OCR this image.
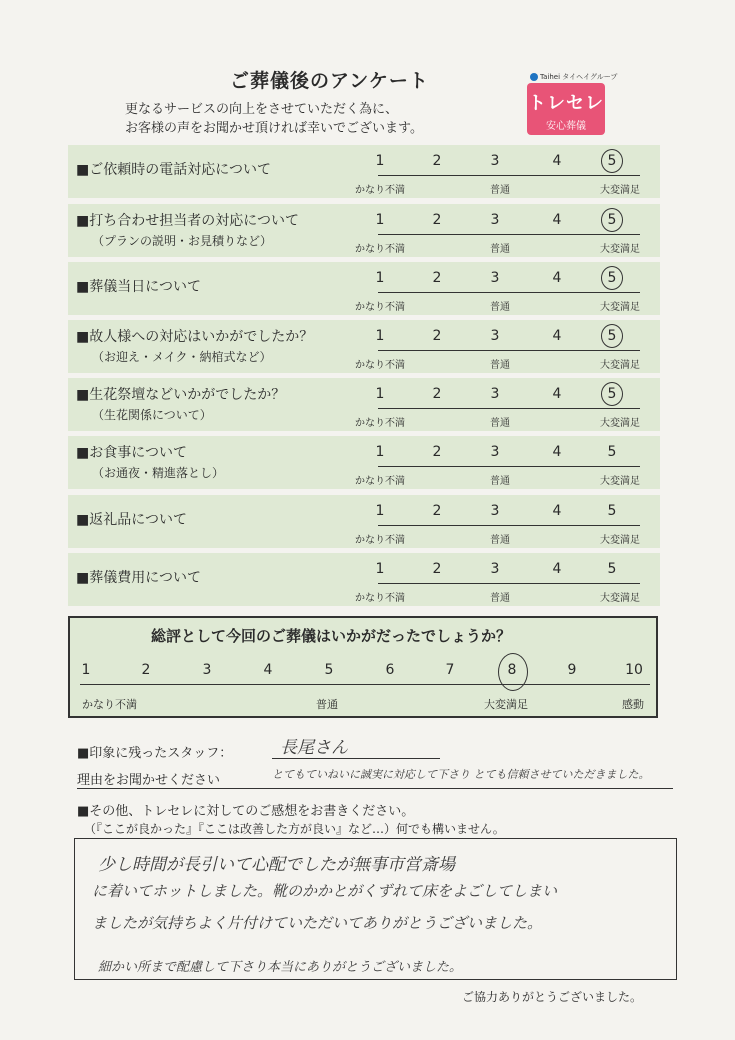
ご葬儀後のアンケート
更なるサービスの向上をさせていただく為に、
お客様の声をお聞かせ頂ければ幸いでございます。
Taihei タイヘイグループ
トレセレ
安心葬儀
■ご依頼時の電話対応について
1	2	3	4	5
かなり不満	普通	大変満足
■打ち合わせ担当者の対応について
（プランの説明・お見積りなど）
1	2	3	4	5
かなり不満	普通	大変満足
■葬儀当日について
1	2	3	4	5
かなり不満	普通	大変満足
■故人様への対応はいかがでしたか？
（お迎え・メイク・納棺式など）
1	2	3	4	5
かなり不満	普通	大変満足
■生花祭壇などいかがでしたか？
（生花関係について）
1	2	3	4	5
かなり不満	普通	大変満足
■お食事について
（お通夜・精進落とし）
1	2	3	4	5
かなり不満	普通	大変満足
■返礼品について
1	2	3	4	5
かなり不満	普通	大変満足
■葬儀費用について
1	2	3	4	5
かなり不満	普通	大変満足
総評として今回のご葬儀はいかがだったでしょうか？
1	2	3	4	5	6	7	8	9	10
かなり不満	普通	大変満足	感動
■印象に残ったスタッフ：	長尾さん
理由をお聞かせください	とてもていねいに誠実に対応して下さり とても信頼させていただきました。
■その他、トレセレに対してのご感想をお書きください。
（『ここが良かった』『ここは改善した方が良い』など…）何でも構いません。
少し時間が長引いて心配でしたが無事市営斎場
に着いてホットしました。靴のかかとがくずれて床をよごしてしまい
ましたが気持ちよく片付けていただいてありがとうございました。
細かい所まで配慮して下さり本当にありがとうございました。
ご協力ありがとうございました。
